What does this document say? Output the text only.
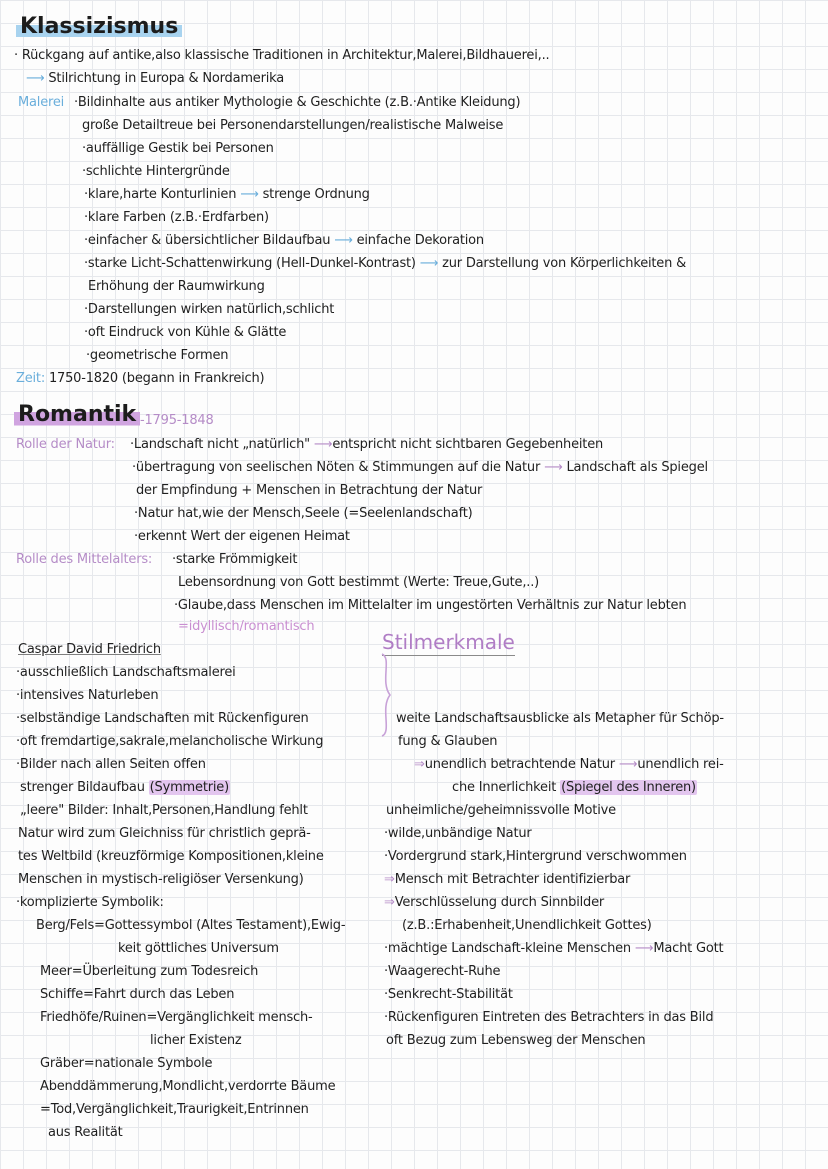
Klassizismus
· Rückgang auf antike,also klassische Traditionen in Architektur,Malerei,Bildhauerei,..
⟶ Stilrichtung in Europa & Nordamerika
Malerei ·Bildinhalte aus antiker Mythologie & Geschichte (z.B.·Antike Kleidung)
große Detailtreue bei Personendarstellungen/realistische Malweise
·auffällige Gestik bei Personen
·schlichte Hintergründe
·klare,harte Konturlinien ⟶ strenge Ordnung
·klare Farben (z.B.·Erdfarben)
·einfacher & übersichtlicher Bildaufbau ⟶ einfache Dekoration
·starke Licht-Schattenwirkung (Hell-Dunkel-Kontrast) ⟶ zur Darstellung von Körperlichkeiten &
Erhöhung der Raumwirkung
·Darstellungen wirken natürlich,schlicht
·oft Eindruck von Kühle & Glätte
·geometrische Formen
Zeit: 1750-1820 (begann in Frankreich)
Romantik -1795-1848
Rolle der Natur: ·Landschaft nicht „natürlich" ⟶entspricht nicht sichtbaren Gegebenheiten
·übertragung von seelischen Nöten & Stimmungen auf die Natur ⟶ Landschaft als Spiegel
der Empfindung + Menschen in Betrachtung der Natur
·Natur hat,wie der Mensch,Seele (=Seelenlandschaft)
·erkennt Wert der eigenen Heimat
Rolle des Mittelalters: ·starke Frömmigkeit
Lebensordnung von Gott bestimmt (Werte: Treue,Gute,..)
·Glaube,dass Menschen im Mittelalter im ungestörten Verhältnis zur Natur lebten
=idyllisch/romantisch
Caspar David Friedrich
·ausschließlich Landschaftsmalerei
·intensives Naturleben
·selbständige Landschaften mit Rückenfiguren
·oft fremdartige,sakrale,melancholische Wirkung
·Bilder nach allen Seiten offen
strenger Bildaufbau (Symmetrie)
„leere" Bilder: Inhalt,Personen,Handlung fehlt
Natur wird zum Gleichniss für christlich geprä-
tes Weltbild (kreuzförmige Kompositionen,kleine
Menschen in mystisch-religiöser Versenkung)
·komplizierte Symbolik:
Berg/Fels=Gottessymbol (Altes Testament),Ewig-
keit göttliches Universum
Meer=Überleitung zum Todesreich
Schiffe=Fahrt durch das Leben
Friedhöfe/Ruinen=Vergänglichkeit mensch-
licher Existenz
Gräber=nationale Symbole
Abenddämmerung,Mondlicht,verdorrte Bäume
=Tod,Vergänglichkeit,Traurigkeit,Entrinnen
aus Realität
Stilmerkmale
weite Landschaftsausblicke als Metapher für Schöp-
fung & Glauben
⇒unendlich betrachtende Natur ⟶unendlich rei-
che Innerlichkeit (Spiegel des Inneren)
unheimliche/geheimnissvolle Motive
·wilde,unbändige Natur
·Vordergrund stark,Hintergrund verschwommen
⇒Mensch mit Betrachter identifizierbar
⇒Verschlüsselung durch Sinnbilder
(z.B.:Erhabenheit,Unendlichkeit Gottes)
·mächtige Landschaft-kleine Menschen ⟶Macht Gott
·Waagerecht-Ruhe
·Senkrecht-Stabilität
·Rückenfiguren Eintreten des Betrachters in das Bild
oft Bezug zum Lebensweg der Menschen
